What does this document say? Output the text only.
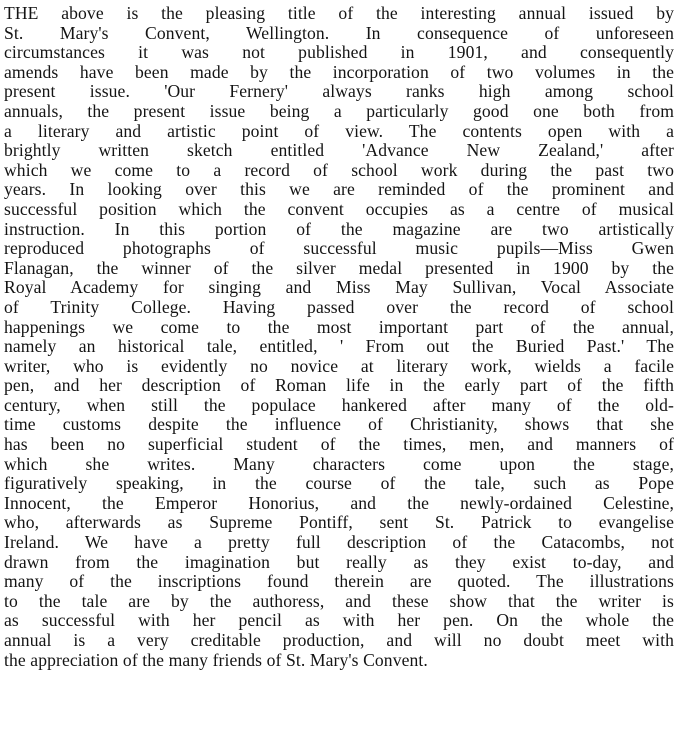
THE above is the pleasing title of the interesting annual issued by
St. Mary's Convent, Wellington. In consequence of unforeseen
circumstances it was not published in 1901, and consequently
amends have been made by the incorporation of two volumes in the
present issue. 'Our Fernery' always ranks high among school
annuals, the present issue being a particularly good one both from
a literary and artistic point of view. The contents open with a
brightly written sketch entitled 'Advance New Zealand,' after
which we come to a record of school work during the past two
years. In looking over this we are reminded of the prominent and
successful position which the convent occupies as a centre of musical
instruction. In this portion of the magazine are two artistically
reproduced photographs of successful music pupils—Miss Gwen
Flanagan, the winner of the silver medal presented in 1900 by the
Royal Academy for singing and Miss May Sullivan, Vocal Associate
of Trinity College. Having passed over the record of school
happenings we come to the most important part of the annual,
namely an historical tale, entitled, ' From out the Buried Past.' The
writer, who is evidently no novice at literary work, wields a facile
pen, and her description of Roman life in the early part of the fifth
century, when still the populace hankered after many of the old-
time customs despite the influence of Christianity, shows that she
has been no superficial student of the times, men, and manners of
which she writes. Many characters come upon the stage,
figuratively speaking, in the course of the tale, such as Pope
Innocent, the Emperor Honorius, and the newly-ordained Celestine,
who, afterwards as Supreme Pontiff, sent St. Patrick to evangelise
Ireland. We have a pretty full description of the Catacombs, not
drawn from the imagination but really as they exist to-day, and
many of the inscriptions found therein are quoted. The illustrations
to the tale are by the authoress, and these show that the writer is
as successful with her pencil as with her pen. On the whole the
annual is a very creditable production, and will no doubt meet with
the appreciation of the many friends of St. Mary's Convent.
